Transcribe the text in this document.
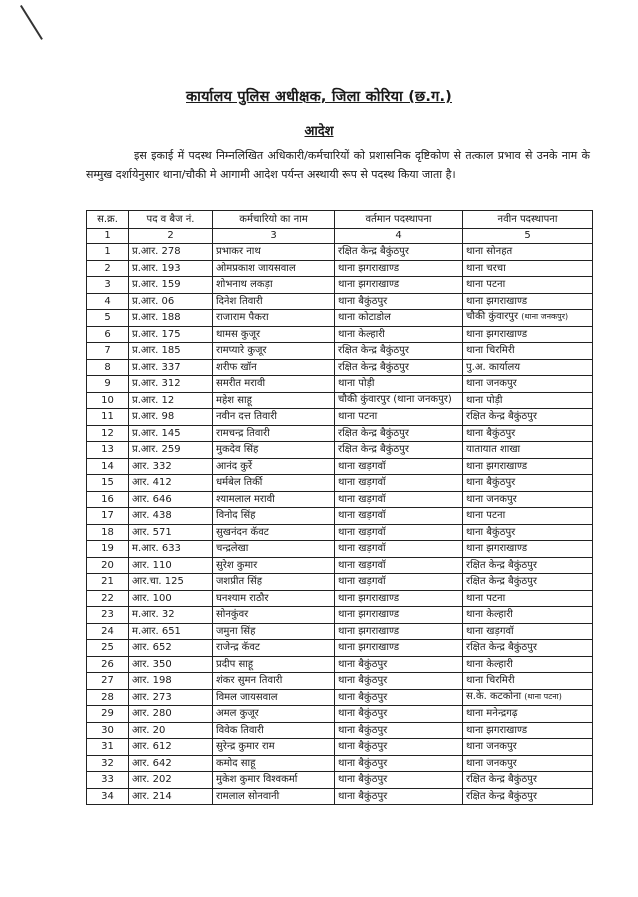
कार्यालय पुलिस अधीक्षक, जिला कोरिया (छ.ग.)
आदेश
इस इकाई में पदस्थ निम्नलिखित अधिकारी/कर्मचारियों को प्रशासनिक दृष्टिकोण से तत्काल प्रभाव से उनके नाम के सम्मुख दर्शायेनुसार थाना/चौकी मे आगामी आदेश पर्यन्त अस्थायी रूप से पदस्थ किया जाता है।
स.क्र.	पद व बैज नं.	कर्मचारियो का नाम	वर्तमान पदस्थापना	नवीन पदस्थापना
1	2	3	4	5
1	प्र.आर. 278	प्रभाकर नाथ	रक्षित केन्द्र बैकुंठपुर	थाना सोनहत
2	प्र.आर. 193	ओमप्रकाश जायसवाल	थाना झगराखाण्ड	थाना चरचा
3	प्र.आर. 159	शोभनाथ लकड़ा	थाना झगराखाण्ड	थाना पटना
4	प्र.आर. 06	दिनेश तिवारी	थाना बैकुंठपुर	थाना झगराखाण्ड
5	प्र.आर. 188	राजाराम पैकरा	थाना कोटाडोल	चौकी कुंवारपुर (थाना जनकपुर)
6	प्र.आर. 175	थामस कुजूर	थाना केल्हारी	थाना झगराखाण्ड
7	प्र.आर. 185	रामप्यारे कुजूर	रक्षित केन्द्र बैकुंठपुर	थाना चिरमिरी
8	प्र.आर. 337	शरीफ खॉन	रक्षित केन्द्र बैकुंठपुर	पु.अ. कार्यालय
9	प्र.आर. 312	समरीत मरावी	थाना पोड़ी	थाना जनकपुर
10	प्र.आर. 12	महेश साहू	चौकी कुंवारपुर (थाना जनकपुर)	थाना पोड़ी
11	प्र.आर. 98	नवीन दत्त तिवारी	थाना पटना	रक्षित केन्द्र बैकुंठपुर
12	प्र.आर. 145	रामचन्द्र तिवारी	रक्षित केन्द्र बैकुंठपुर	थाना बैकुंठपुर
13	प्र.आर. 259	मुकदेव सिंह	रक्षित केन्द्र बैकुंठपुर	यातायात शाखा
14	आर. 332	आनंद कुर्रे	थाना खड़गवॉ	थाना झगराखाण्ड
15	आर. 412	धर्मबेल तिर्की	थाना खड़गवॉ	थाना बैकुंठपुर
16	आर. 646	श्यामलाल मरावी	थाना खड़गवॉ	थाना जनकपुर
17	आर. 438	विनोद सिंह	थाना खड़गवॉ	थाना पटना
18	आर. 571	सुखनंदन कॅवट	थाना खड़गवॉ	थाना बैकुंठपुर
19	म.आर. 633	चन्द्रलेखा	थाना खड़गवॉ	थाना झगराखाण्ड
20	आर. 110	सुरेश कुमार	थाना खड़गवॉ	रक्षित केन्द्र बैकुंठपुर
21	आर.चा. 125	जशप्रीत सिंह	थाना खड़गवॉ	रक्षित केन्द्र बैकुंठपुर
22	आर. 100	घनश्याम राठौर	थाना झगराखाण्ड	थाना पटना
23	म.आर. 32	सोनकुंवर	थाना झगराखाण्ड	थाना केल्हारी
24	म.आर. 651	जमुना सिंह	थाना झगराखाण्ड	थाना खड़गवॉ
25	आर. 652	राजेन्द्र कॅवट	थाना झगराखाण्ड	रक्षित केन्द्र बैकुंठपुर
26	आर. 350	प्रदीप साहू	थाना बैकुंठपुर	थाना केल्हारी
27	आर. 198	शंकर सुमन तिवारी	थाना बैकुंठपुर	थाना चिरमिरी
28	आर. 273	विमल जायसवाल	थाना बैकुंठपुर	स.के. कटकोना (थाना पटना)
29	आर. 280	अमल कुजूर	थाना बैकुंठपुर	थाना मनेन्द्रगढ़
30	आर. 20	विवेक तिवारी	थाना बैकुंठपुर	थाना झगराखाण्ड
31	आर. 612	सुरेन्द्र कुमार राम	थाना बैकुंठपुर	थाना जनकपुर
32	आर. 642	कमोद साहू	थाना बैकुंठपुर	थाना जनकपुर
33	आर. 202	मुकेश कुमार विश्वकर्मा	थाना बैकुंठपुर	रक्षित केन्द्र बैकुंठपुर
34	आर. 214	रामलाल सोनवानी	थाना बैकुंठपुर	रक्षित केन्द्र बैकुंठपुर
